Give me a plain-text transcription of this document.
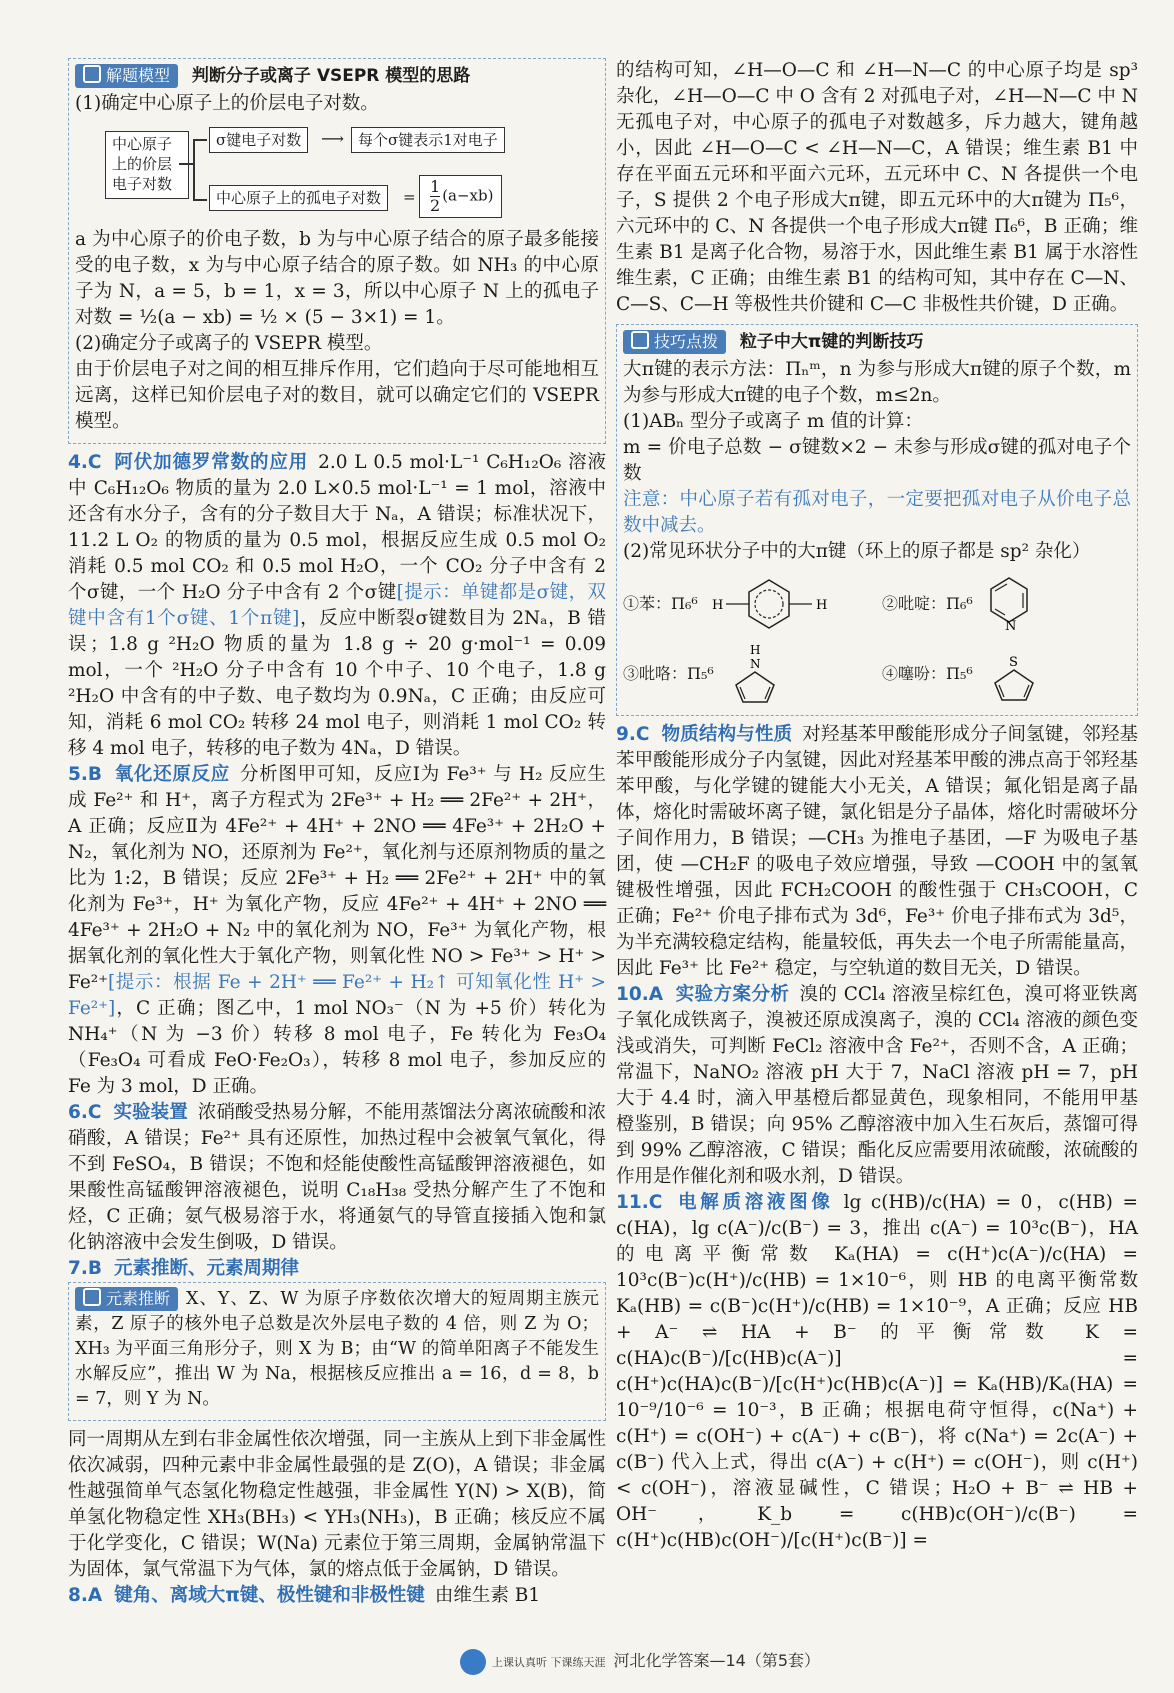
解题模型 判断分子或离子 VSEPR 模型的思路

(1)确定中心原子上的价层电子对数。

中心原子上的价层电子对数
σ键电子对数	⟶ 每个σ键表示1对电子
中心原子上的孤电子对数	= $\frac{1}{2} (a-xb)$

a 为中心原子的价电子数，b 为与中心原子结合的原子最多能接受的电子数，x 为与中心原子结合的原子数。如 NH₃ 的中心原子为 N，a = 5，b = 1，x = 3，所以中心原子 N 上的孤电子对数 = ½(a − xb) = ½ × (5 − 3×1) = 1。

(2)确定分子或离子的 VSEPR 模型。

由于价层电子对之间的相互排斥作用，它们趋向于尽可能地相互远离，这样已知价层电子对的数目，就可以确定它们的 VSEPR 模型。

4.C 阿伏加德罗常数的应用 2.0 L 0.5 mol·L⁻¹ C₆H₁₂O₆ 溶液中 C₆H₁₂O₆ 物质的量为 2.0 L×0.5 mol·L⁻¹ = 1 mol，溶液中还含有水分子，含有的分子数目大于 Nₐ，A 错误；标准状况下，11.2 L O₂ 的物质的量为 0.5 mol，根据反应生成 0.5 mol O₂ 消耗 0.5 mol CO₂ 和 0.5 mol H₂O，一个 CO₂ 分子中含有 2 个σ键，一个 H₂O 分子中含有 2 个σ键[提示：单键都是σ键，双键中含有1个σ键、1个π键]，反应中断裂σ键数目为 2Nₐ，B 错误；1.8 g ²H₂O 物质的量为 1.8 g ÷ 20 g·mol⁻¹ = 0.09 mol，一个 ²H₂O 分子中含有 10 个中子、10 个电子，1.8 g ²H₂O 中含有的中子数、电子数均为 0.9Nₐ，C 正确；由反应可知，消耗 6 mol CO₂ 转移 24 mol 电子，则消耗 1 mol CO₂ 转移 4 mol 电子，转移的电子数为 4Nₐ，D 错误。

5.B 氧化还原反应 分析图甲可知，反应Ⅰ为 Fe³⁺ 与 H₂ 反应生成 Fe²⁺ 和 H⁺，离子方程式为 2Fe³⁺ + H₂ ══ 2Fe²⁺ + 2H⁺，A 正确；反应Ⅱ为 4Fe²⁺ + 4H⁺ + 2NO ══ 4Fe³⁺ + 2H₂O + N₂，氧化剂为 NO，还原剂为 Fe²⁺，氧化剂与还原剂物质的量之比为 1:2，B 错误；反应 2Fe³⁺ + H₂ ══ 2Fe²⁺ + 2H⁺ 中的氧化剂为 Fe³⁺，H⁺ 为氧化产物，反应 4Fe²⁺ + 4H⁺ + 2NO ══ 4Fe³⁺ + 2H₂O + N₂ 中的氧化剂为 NO，Fe³⁺ 为氧化产物，根据氧化剂的氧化性大于氧化产物，则氧化性 NO > Fe³⁺ > H⁺ > Fe²⁺[提示：根据 Fe + 2H⁺ ══ Fe²⁺ + H₂↑ 可知氧化性 H⁺ > Fe²⁺]，C 正确；图乙中，1 mol NO₃⁻（N 为 +5 价）转化为 NH₄⁺（N 为 −3 价）转移 8 mol 电子，Fe 转化为 Fe₃O₄（Fe₃O₄ 可看成 FeO·Fe₂O₃），转移 8 mol 电子，参加反应的 Fe 为 3 mol，D 正确。

6.C 实验装置 浓硝酸受热易分解，不能用蒸馏法分离浓硫酸和浓硝酸，A 错误；Fe²⁺ 具有还原性，加热过程中会被氧气氧化，得不到 FeSO₄，B 错误；不饱和烃能使酸性高锰酸钾溶液褪色，如果酸性高锰酸钾溶液褪色，说明 C₁₈H₃₈ 受热分解产生了不饱和烃，C 正确；氨气极易溶于水，将通氨气的导管直接插入饱和氯化钠溶液中会发生倒吸，D 错误。

7.B 元素推断、元素周期律

元素推断 X、Y、Z、W 为原子序数依次增大的短周期主族元素，Z 原子的核外电子总数是次外层电子数的 4 倍，则 Z 为 O；XH₃ 为平面三角形分子，则 X 为 B；由“W 的简单阳离子不能发生水解反应”，推出 W 为 Na，根据核反应推出 a = 16，d = 8，b = 7，则 Y 为 N。

同一周期从左到右非金属性依次增强，同一主族从上到下非金属性依次减弱，四种元素中非金属性最强的是 Z(O)，A 错误；非金属性越强简单气态氢化物稳定性越强，非金属性 Y(N) > X(B)，简单氢化物稳定性 XH₃(BH₃) < YH₃(NH₃)，B 正确；核反应不属于化学变化，C 错误；W(Na) 元素位于第三周期，金属钠常温下为固体，氯气常温下为气体，氯的熔点低于金属钠，D 错误。

8.A 键角、离域大π键、极性键和非极性键 由维生素 B1

的结构可知，∠H—O—C 和 ∠H—N—C 的中心原子均是 sp³ 杂化，∠H—O—C 中 O 含有 2 对孤电子对，∠H—N—C 中 N 无孤电子对，中心原子的孤电子对数越多，斥力越大，键角越小，因此 ∠H—O—C < ∠H—N—C，A 错误；维生素 B1 中存在平面五元环和平面六元环，五元环中 C、N 各提供一个电子，S 提供 2 个电子形成大π键，即五元环中的大π键为 Π₅⁶，六元环中的 C、N 各提供一个电子形成大π键 Π₆⁶，B 正确；维生素 B1 是离子化合物，易溶于水，因此维生素 B1 属于水溶性维生素，C 正确；由维生素 B1 的结构可知，其中存在 C—N、C—S、C—H 等极性共价键和 C—C 非极性共价键，D 正确。

技巧点拨 粒子中大π键的判断技巧

大π键的表示方法：Πₙᵐ，n 为参与形成大π键的原子个数，m 为参与形成大π键的电子个数，m≤2n。

(1)ABₙ 型分子或离子 m 值的计算：

m = 价电子总数 − σ键数×2 − 未参与形成σ键的孤对电子个数

注意：中心原子若有孤对电子，一定要把孤对电子从价电子总数中减去。

(2)常见环状分子中的大π键（环上的原子都是 sp² 杂化）

①苯：Π₆⁶ H	H	②吡啶：Π₆⁶
N
③吡咯：Π₅⁶
H
N	④噻吩：Π₅⁶
S

9.C 物质结构与性质 对羟基苯甲酸能形成分子间氢键，邻羟基苯甲酸能形成分子内氢键，因此对羟基苯甲酸的沸点高于邻羟基苯甲酸，与化学键的键能大小无关，A 错误；氟化铝是离子晶体，熔化时需破坏离子键，氯化铝是分子晶体，熔化时需破坏分子间作用力，B 错误；—CH₃ 为推电子基团，—F 为吸电子基团，使 —CH₂F 的吸电子效应增强，导致 —COOH 中的氢氧键极性增强，因此 FCH₂COOH 的酸性强于 CH₃COOH，C 正确；Fe²⁺ 价电子排布式为 3d⁶，Fe³⁺ 价电子排布式为 3d⁵，为半充满较稳定结构，能量较低，再失去一个电子所需能量高，因此 Fe³⁺ 比 Fe²⁺ 稳定，与空轨道的数目无关，D 错误。

10.A 实验方案分析 溴的 CCl₄ 溶液呈棕红色，溴可将亚铁离子氧化成铁离子，溴被还原成溴离子，溴的 CCl₄ 溶液的颜色变浅或消失，可判断 FeCl₂ 溶液中含 Fe²⁺，否则不含，A 正确；常温下，NaNO₂ 溶液 pH 大于 7，NaCl 溶液 pH = 7，pH 大于 4.4 时，滴入甲基橙后都显黄色，现象相同，不能用甲基橙鉴别，B 错误；向 95% 乙醇溶液中加入生石灰后，蒸馏可得到 99% 乙醇溶液，C 错误；酯化反应需要用浓硫酸，浓硫酸的作用是作催化剂和吸水剂，D 错误。

11.C 电解质溶液图像 lg c(HB)/c(HA) = 0，c(HB) = c(HA)，lg c(A⁻)/c(B⁻) = 3，推出 c(A⁻) = 10³c(B⁻)，HA 的电离平衡常数 Kₐ(HA) = c(H⁺)c(A⁻)/c(HA) = 10³c(B⁻)c(H⁺)/c(HB) = 1×10⁻⁶，则 HB 的电离平衡常数 Kₐ(HB) = c(B⁻)c(H⁺)/c(HB) = 1×10⁻⁹，A 正确；反应 HB + A⁻ ⇌ HA + B⁻ 的平衡常数 K = c(HA)c(B⁻)/[c(HB)c(A⁻)] = c(H⁺)c(HA)c(B⁻)/[c(H⁺)c(HB)c(A⁻)] = Kₐ(HB)/Kₐ(HA) = 10⁻⁹/10⁻⁶ = 10⁻³，B 正确；根据电荷守恒得，c(Na⁺) + c(H⁺) = c(OH⁻) + c(A⁻) + c(B⁻)，将 c(Na⁺) = 2c(A⁻) + c(B⁻) 代入上式，得出 c(A⁻) + c(H⁺) = c(OH⁻)，则 c(H⁺) < c(OH⁻)，溶液显碱性，C 错误；H₂O + B⁻ ⇌ HB + OH⁻，K_b = c(HB)c(OH⁻)/c(B⁻) = c(H⁺)c(HB)c(OH⁻)/[c(H⁺)c(B⁻)] =

上课认真听 下课练天涯 河北化学答案—14（第5套）
